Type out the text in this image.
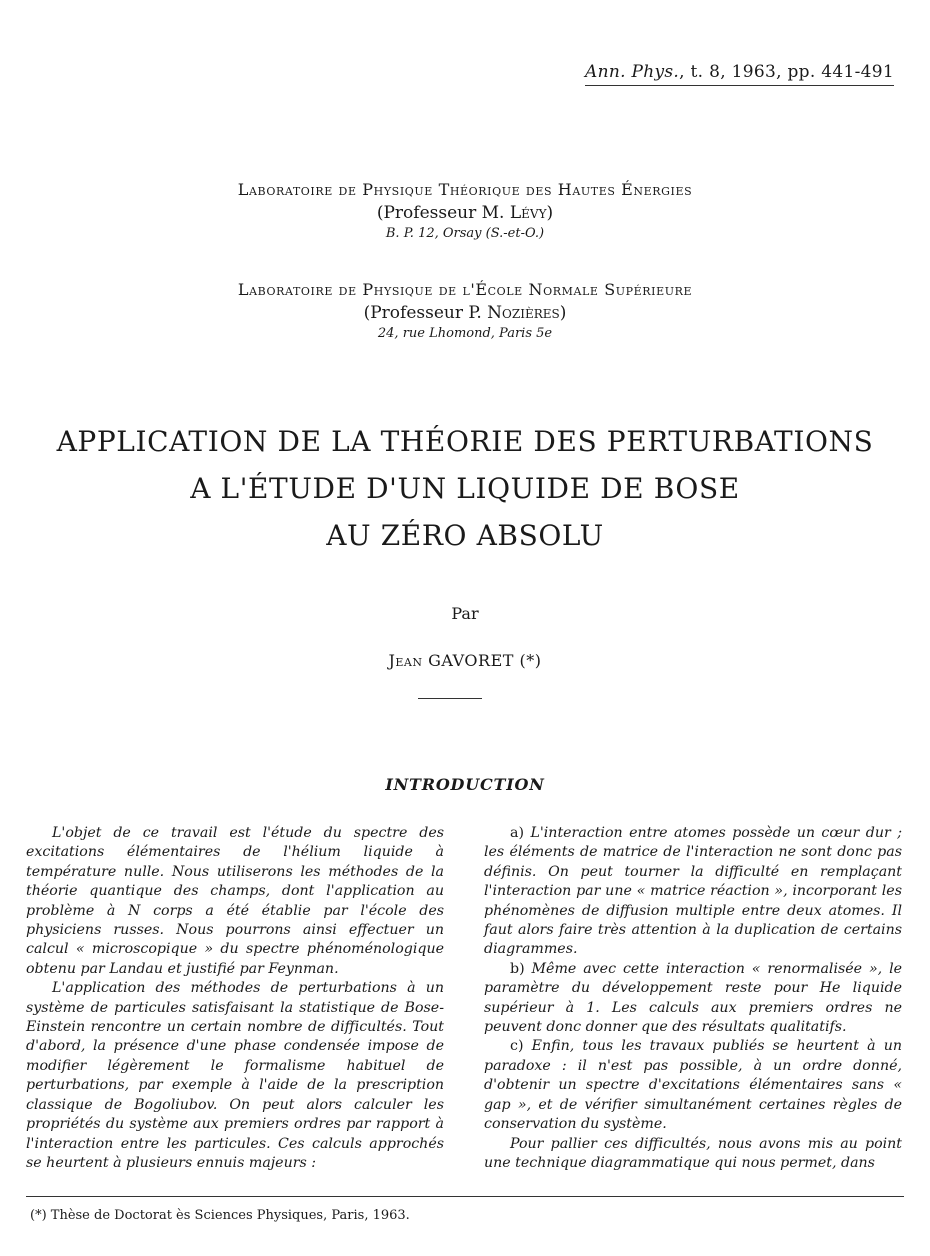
Ann. Phys., t. 8, 1963, pp. 441-491
Laboratoire de Physique Théorique des Hautes Énergies
(Professeur M. Lévy)
B. P. 12, Orsay (S.-et-O.)
Laboratoire de Physique de l'École Normale Supérieure
(Professeur P. Nozières)
24, rue Lhomond, Paris 5e
APPLICATION DE LA THÉORIE DES PERTURBATIONS
A L'ÉTUDE D'UN LIQUIDE DE BOSE
AU ZÉRO ABSOLU
Par
Jean GAVORET (*)
INTRODUCTION

L'objet de ce travail est l'étude du spectre des excitations élémentaires de l'hélium liquide à température nulle. Nous utiliserons les méthodes de la théorie quantique des champs, dont l'application au problème à N corps a été établie par l'école des physiciens russes. Nous pourrons ainsi effectuer un calcul « microscopique » du spectre phénoménologique obtenu par Landau et justifié par Feynman.

L'application des méthodes de perturbations à un système de particules satisfaisant la statistique de Bose-Einstein rencontre un certain nombre de difficultés. Tout d'abord, la présence d'une phase condensée impose de modifier légèrement le formalisme habituel de perturbations, par exemple à l'aide de la prescription classique de Bogoliubov. On peut alors calculer les propriétés du système aux premiers ordres par rapport à l'interaction entre les particules. Ces calculs approchés se heurtent à plusieurs ennuis majeurs :

a) L'interaction entre atomes possède un cœur dur ; les éléments de matrice de l'interaction ne sont donc pas définis. On peut tourner la difficulté en remplaçant l'interaction par une « matrice réaction », incorporant les phénomènes de diffusion multiple entre deux atomes. Il faut alors faire très attention à la duplication de certains diagrammes.

b) Même avec cette interaction « renormalisée », le paramètre du développement reste pour He liquide supérieur à 1. Les calculs aux premiers ordres ne peuvent donc donner que des résultats qualitatifs.

c) Enfin, tous les travaux publiés se heurtent à un paradoxe : il n'est pas possible, à un ordre donné, d'obtenir un spectre d'excitations élémentaires sans « gap », et de vérifier simultanément certaines règles de conservation du système.

Pour pallier ces difficultés, nous avons mis au point une technique diagrammatique qui nous permet, dans

(*) Thèse de Doctorat ès Sciences Physiques, Paris, 1963.
